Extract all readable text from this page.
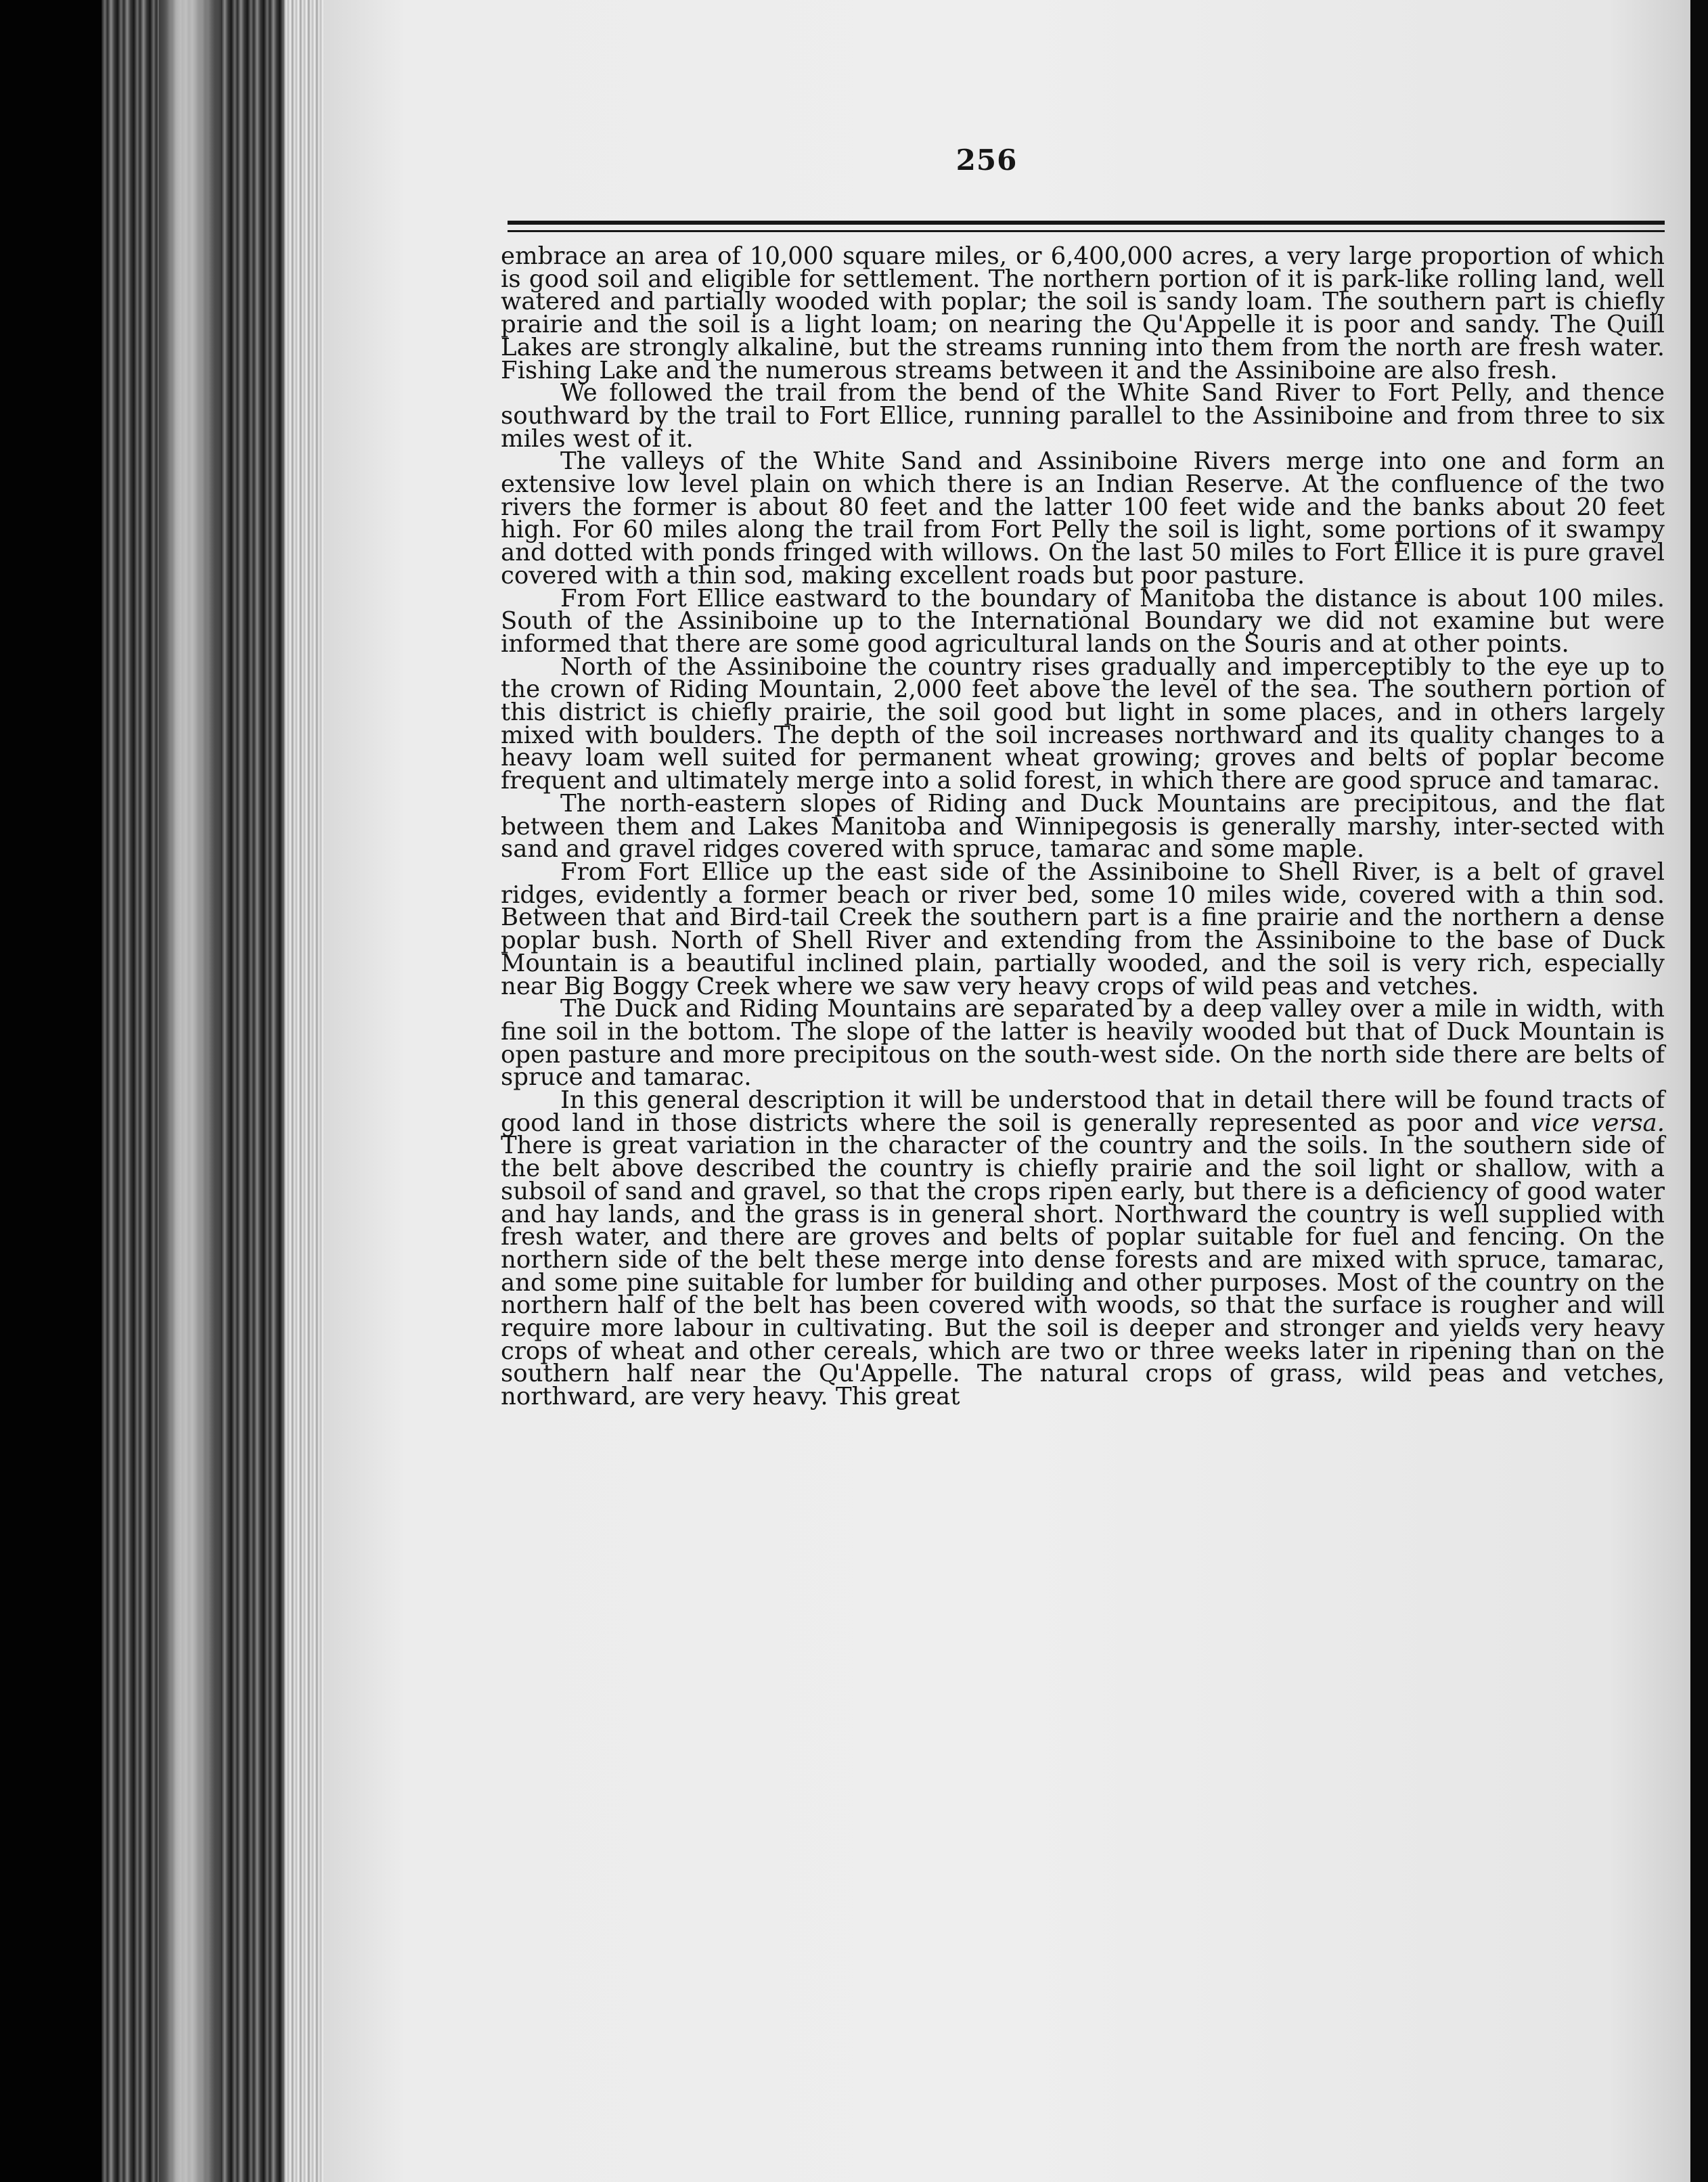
256

embrace an area of 10,000 square miles, or 6,400,000 acres, a very large proportion of which is good soil and eligible for settlement. The northern portion of it is park-like rolling land, well watered and partially wooded with poplar; the soil is sandy loam. The southern part is chiefly prairie and the soil is a light loam; on nearing the Qu'Appelle it is poor and sandy. The Quill Lakes are strongly alkaline, but the streams running into them from the north are fresh water. Fishing Lake and the numerous streams between it and the Assiniboine are also fresh.

We followed the trail from the bend of the White Sand River to Fort Pelly, and thence southward by the trail to Fort Ellice, running parallel to the Assiniboine and from three to six miles west of it.

The valleys of the White Sand and Assiniboine Rivers merge into one and form an extensive low level plain on which there is an Indian Reserve. At the confluence of the two rivers the former is about 80 feet and the latter 100 feet wide and the banks about 20 feet high. For 60 miles along the trail from Fort Pelly the soil is light, some portions of it swampy and dotted with ponds fringed with willows. On the last 50 miles to Fort Ellice it is pure gravel covered with a thin sod, making excellent roads but poor pasture.

From Fort Ellice eastward to the boundary of Manitoba the distance is about 100 miles. South of the Assiniboine up to the International Boundary we did not examine but were informed that there are some good agricultural lands on the Souris and at other points.

North of the Assiniboine the country rises gradually and imperceptibly to the eye up to the crown of Riding Mountain, 2,000 feet above the level of the sea. The southern portion of this district is chiefly prairie, the soil good but light in some places, and in others largely mixed with boulders. The depth of the soil increases northward and its quality changes to a heavy loam well suited for permanent wheat growing; groves and belts of poplar become frequent and ultimately merge into a solid forest, in which there are good spruce and tamarac.

The north-eastern slopes of Riding and Duck Mountains are precipitous, and the flat between them and Lakes Manitoba and Winnipegosis is generally marshy, inter-sected with sand and gravel ridges covered with spruce, tamarac and some maple.

From Fort Ellice up the east side of the Assiniboine to Shell River, is a belt of gravel ridges, evidently a former beach or river bed, some 10 miles wide, covered with a thin sod. Between that and Bird-tail Creek the southern part is a fine prairie and the northern a dense poplar bush. North of Shell River and extending from the Assiniboine to the base of Duck Mountain is a beautiful inclined plain, partially wooded, and the soil is very rich, especially near Big Boggy Creek where we saw very heavy crops of wild peas and vetches.

The Duck and Riding Mountains are separated by a deep valley over a mile in width, with fine soil in the bottom. The slope of the latter is heavily wooded but that of Duck Mountain is open pasture and more precipitous on the south-west side. On the north side there are belts of spruce and tamarac.

In this general description it will be understood that in detail there will be found tracts of good land in those districts where the soil is generally represented as poor and vice versa. There is great variation in the character of the country and the soils. In the southern side of the belt above described the country is chiefly prairie and the soil light or shallow, with a subsoil of sand and gravel, so that the crops ripen early, but there is a deficiency of good water and hay lands, and the grass is in general short. Northward the country is well supplied with fresh water, and there are groves and belts of poplar suitable for fuel and fencing. On the northern side of the belt these merge into dense forests and are mixed with spruce, tamarac, and some pine suitable for lumber for building and other purposes. Most of the country on the northern half of the belt has been covered with woods, so that the surface is rougher and will require more labour in cultivating. But the soil is deeper and stronger and yields very heavy crops of wheat and other cereals, which are two or three weeks later in ripening than on the southern half near the Qu'Appelle. The natural crops of grass, wild peas and vetches, northward, are very heavy. This great
